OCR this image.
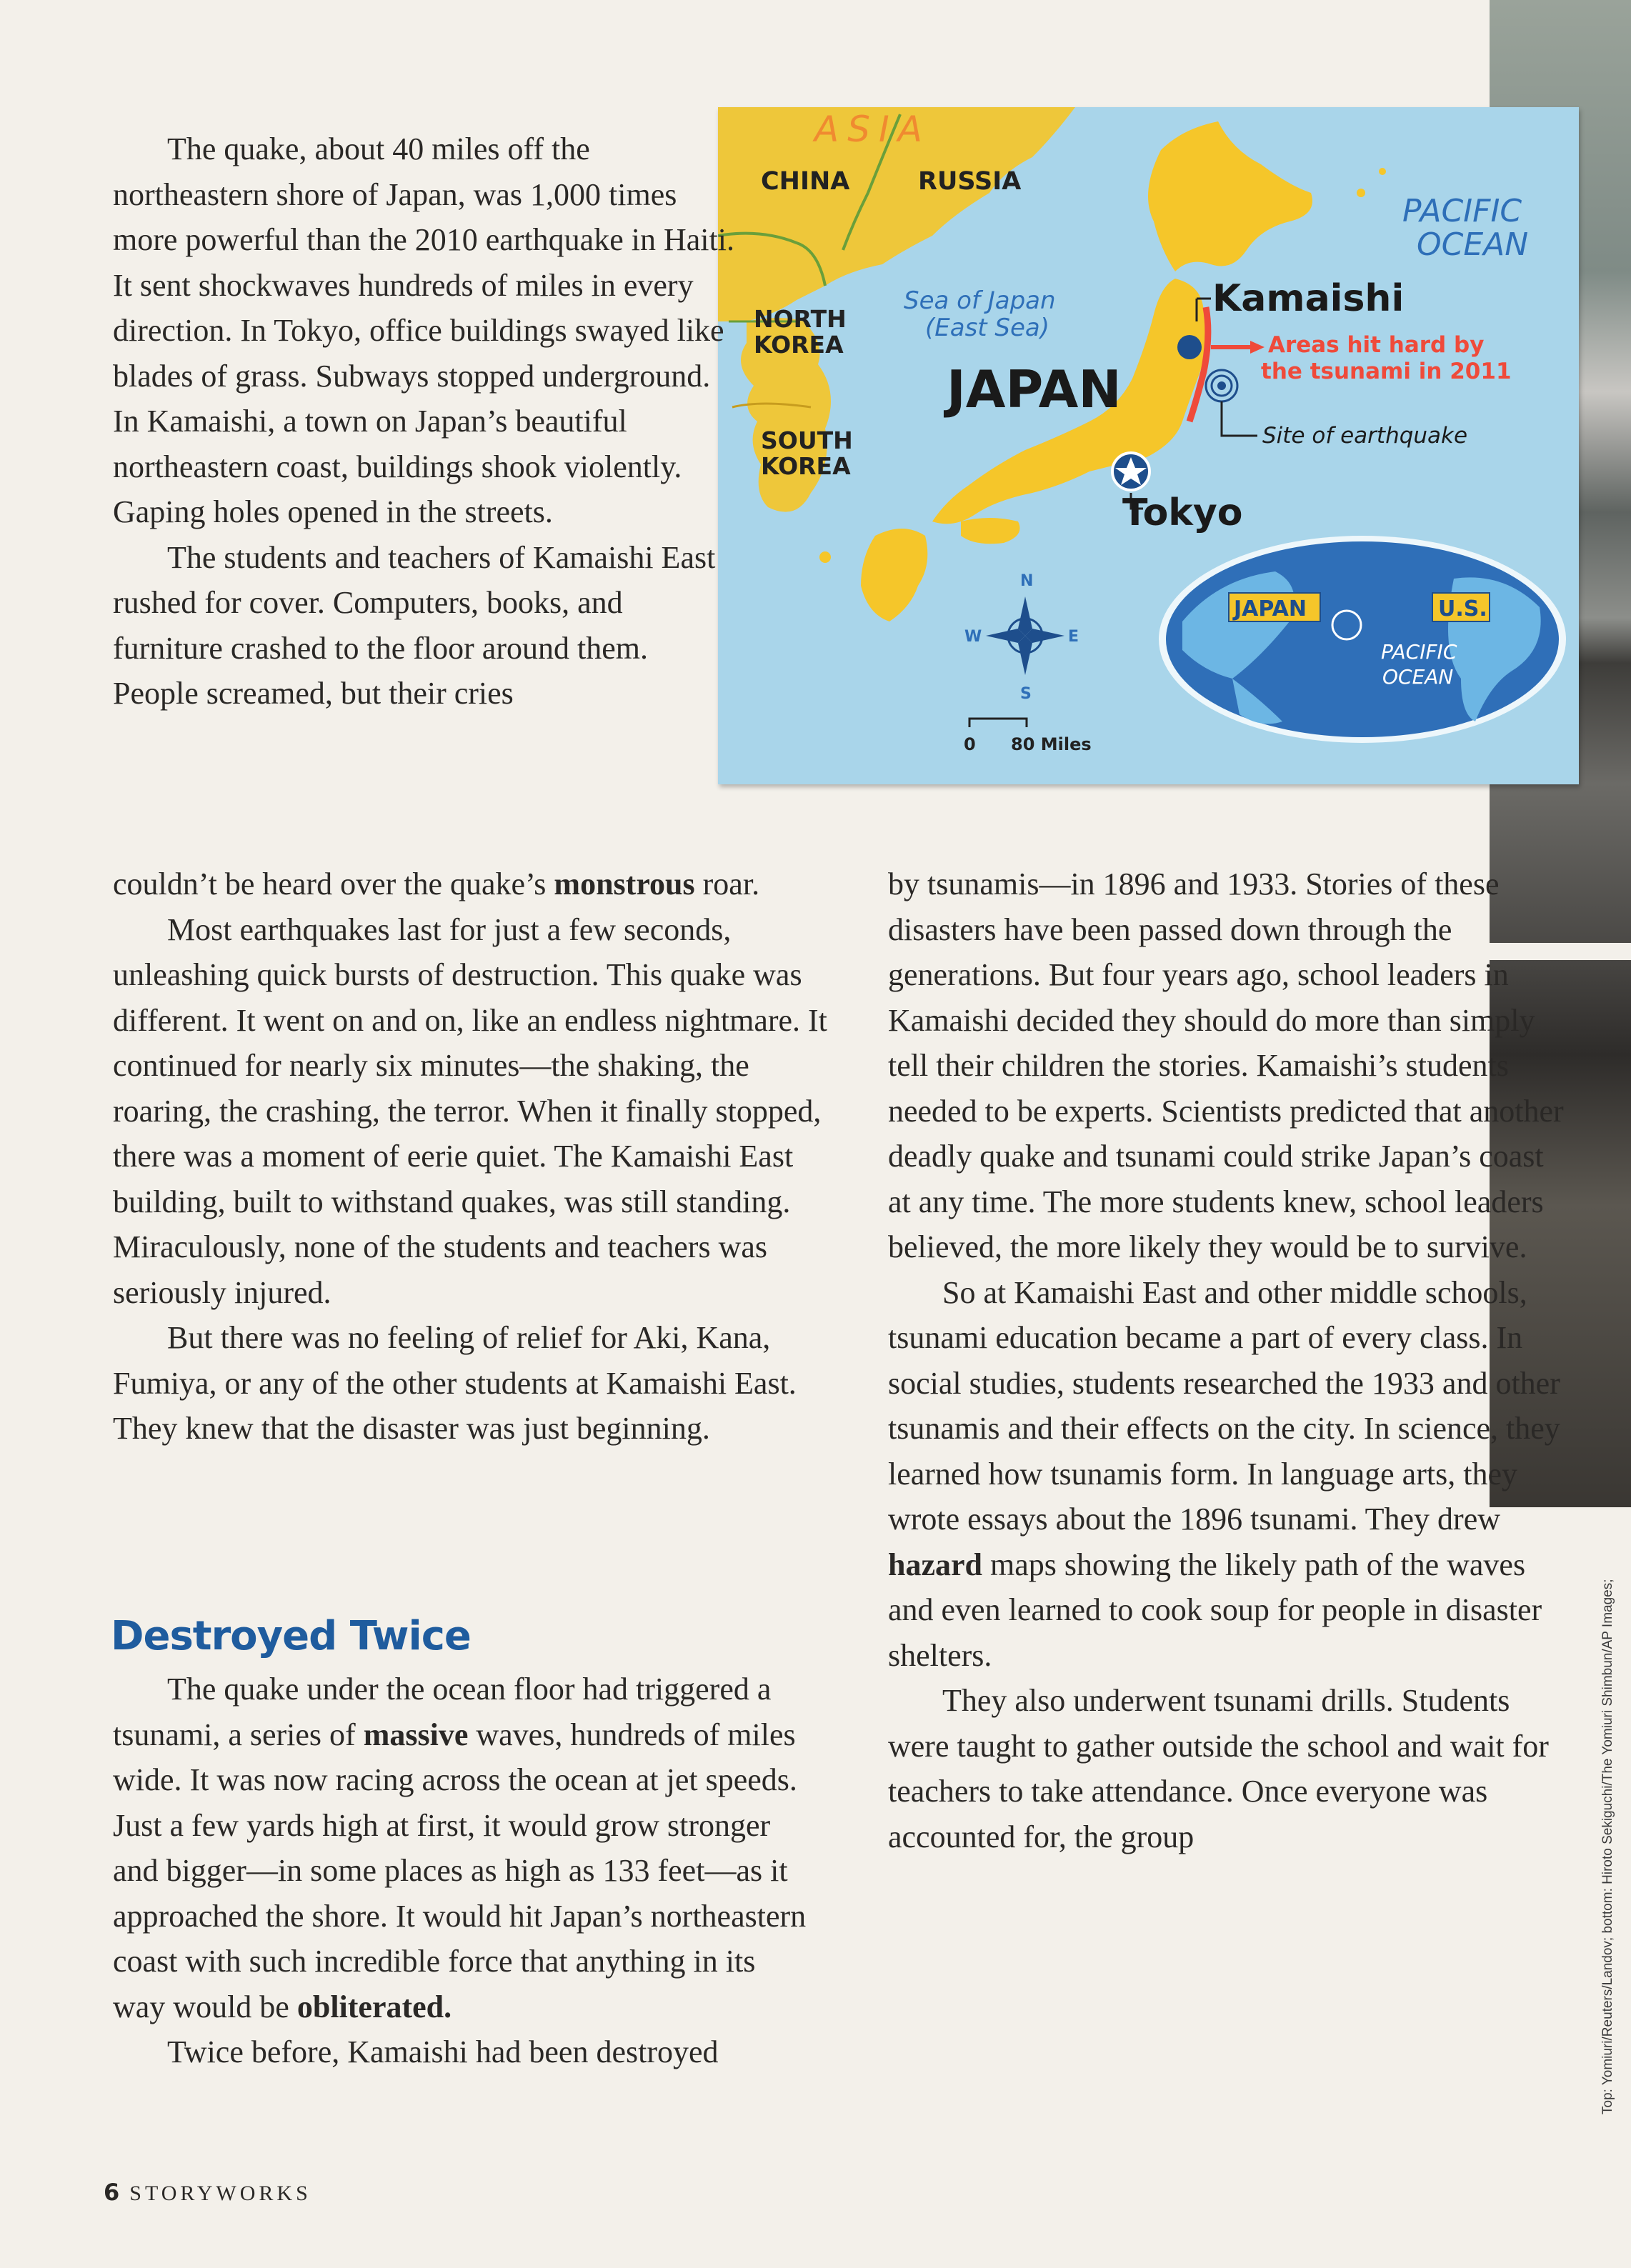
Top: Yomiuri/Reuters/Landov; bottom: Hiroto Sekiguchi/The Yomiuri Shimbun/AP Images;
ASIA
CHINA	RUSSIA
NORTH
KOREA
SOUTH
KOREA
Sea of Japan
(East Sea)
JAPAN
PACIFIC
OCEAN
Kamaishi
Areas hit hard by
the tsunami in 2011
Site of earthquake
Tokyo
N
S
E
W
0 80 Miles
JAPAN	U.S.
PACIFIC
OCEAN

The quake, about 40 miles off the northeastern shore of Japan, was 1,000 times more powerful than the 2010 earthquake in Haiti. It sent shockwaves hundreds of miles in every direction. In Tokyo, office buildings swayed like blades of grass. Subways stopped underground. In Kamaishi, a town on Japan’s beautiful northeastern coast, buildings shook violently. Gaping holes opened in the streets.

The students and teachers of Kamaishi East rushed for cover. Computers, books, and furniture crashed to the floor around them. People screamed, but their cries

couldn’t be heard over the quake’s monstrous roar.

Most earthquakes last for just a few seconds, unleashing quick bursts of destruction. This quake was different. It went on and on, like an endless nightmare. It continued for nearly six minutes—the shaking, the roaring, the crashing, the terror. When it finally stopped, there was a moment of eerie quiet. The Kamaishi East building, built to withstand quakes, was still standing. Miraculously, none of the students and teachers was seriously injured.

But there was no feeling of relief for Aki, Kana, Fumiya, or any of the other students at Kamaishi East. They knew that the disaster was just beginning.

Destroyed Twice

The quake under the ocean floor had triggered a tsunami, a series of massive waves, hundreds of miles wide. It was now racing across the ocean at jet speeds. Just a few yards high at first, it would grow stronger and bigger—in some places as high as 133 feet—as it approached the shore. It would hit Japan’s northeastern coast with such incredible force that anything in its way would be obliterated.

Twice before, Kamaishi had been destroyed

by tsunamis—in 1896 and 1933. Stories of these disasters have been passed down through the generations. But four years ago, school leaders in Kamaishi decided they should do more than simply tell their children the stories. Kamaishi’s students needed to be experts. Scientists predicted that another deadly quake and tsunami could strike Japan’s coast at any time. The more students knew, school leaders believed, the more likely they would be to survive.

So at Kamaishi East and other middle schools, tsunami education became a part of every class. In social studies, students researched the 1933 and other tsunamis and their effects on the city. In science, they learned how tsunamis form. In language arts, they wrote essays about the 1896 tsunami. They drew hazard maps showing the likely path of the waves and even learned to cook soup for people in disaster shelters.

They also underwent tsunami drills. Students were taught to gather outside the school and wait for teachers to take attendance. Once everyone was accounted for, the group

6 STORYWORKS
